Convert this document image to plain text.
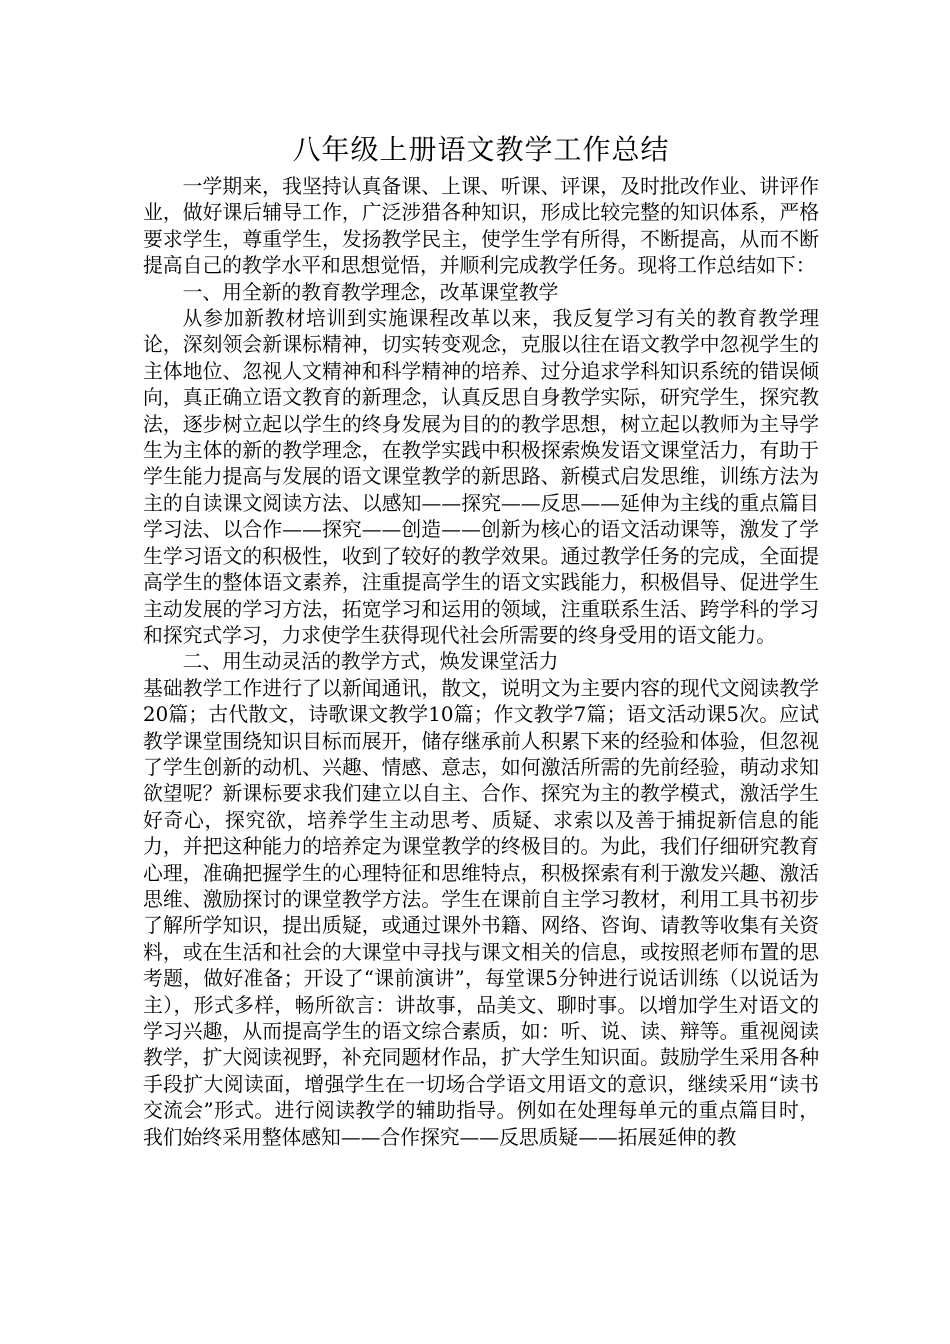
八年级上册语文教学工作总结

一学期来，我坚持认真备课、上课、听课、评课，及时批改作业、讲评作业，做好课后辅导工作，广泛涉猎各种知识，形成比较完整的知识体系，严格要求学生，尊重学生，发扬教学民主，使学生学有所得，不断提高，从而不断提高自己的教学水平和思想觉悟，并顺利完成教学任务。现将工作总结如下：

一、用全新的教育教学理念，改革课堂教学

从参加新教材培训到实施课程改革以来，我反复学习有关的教育教学理论，深刻领会新课标精神，切实转变观念，克服以往在语文教学中忽视学生的主体地位、忽视人文精神和科学精神的培养、过分追求学科知识系统的错误倾向，真正确立语文教育的新理念，认真反思自身教学实际，研究学生，探究教法，逐步树立起以学生的终身发展为目的的教学思想，树立起以教师为主导学生为主体的新的教学理念，在教学实践中积极探索焕发语文课堂活力，有助于学生能力提高与发展的语文课堂教学的新思路、新模式启发思维，训练方法为主的自读课文阅读方法、以感知——探究——反思——延伸为主线的重点篇目学习法、以合作——探究——创造——创新为核心的语文活动课等，激发了学生学习语文的积极性，收到了较好的教学效果。通过教学任务的完成，全面提高学生的整体语文素养，注重提高学生的语文实践能力，积极倡导、促进学生主动发展的学习方法，拓宽学习和运用的领域，注重联系生活、跨学科的学习和探究式学习，力求使学生获得现代社会所需要的终身受用的语文能力。

二、用生动灵活的教学方式，焕发课堂活力

基础教学工作进行了以新闻通讯，散文，说明文为主要内容的现代文阅读教学20篇；古代散文，诗歌课文教学10篇；作文教学7篇；语文活动课5次。应试教学课堂围绕知识目标而展开，储存继承前人积累下来的经验和体验，但忽视了学生创新的动机、兴趣、情感、意志，如何激活所需的先前经验，萌动求知欲望呢？新课标要求我们建立以自主、合作、探究为主的教学模式，激活学生好奇心，探究欲，培养学生主动思考、质疑、求索以及善于捕捉新信息的能力，并把这种能力的培养定为课堂教学的终极目的。为此，我们仔细研究教育心理，准确把握学生的心理特征和思维特点，积极探索有利于激发兴趣、激活思维、激励探讨的课堂教学方法。学生在课前自主学习教材，利用工具书初步了解所学知识，提出质疑，或通过课外书籍、网络、咨询、请教等收集有关资料，或在生活和社会的大课堂中寻找与课文相关的信息，或按照老师布置的思考题，做好准备；开设了“课前演讲”，每堂课5分钟进行说话训练（以说话为主），形式多样，畅所欲言：讲故事，品美文、聊时事。以增加学生对语文的学习兴趣，从而提高学生的语文综合素质，如：听、说、读、辩等。重视阅读教学，扩大阅读视野，补充同题材作品，扩大学生知识面。鼓励学生采用各种手段扩大阅读面，增强学生在一切场合学语文用语文的意识，继续采用“读书交流会”形式。进行阅读教学的辅助指导。例如在处理每单元的重点篇目时，我们始终采用整体感知——合作探究——反思质疑——拓展延伸的教
